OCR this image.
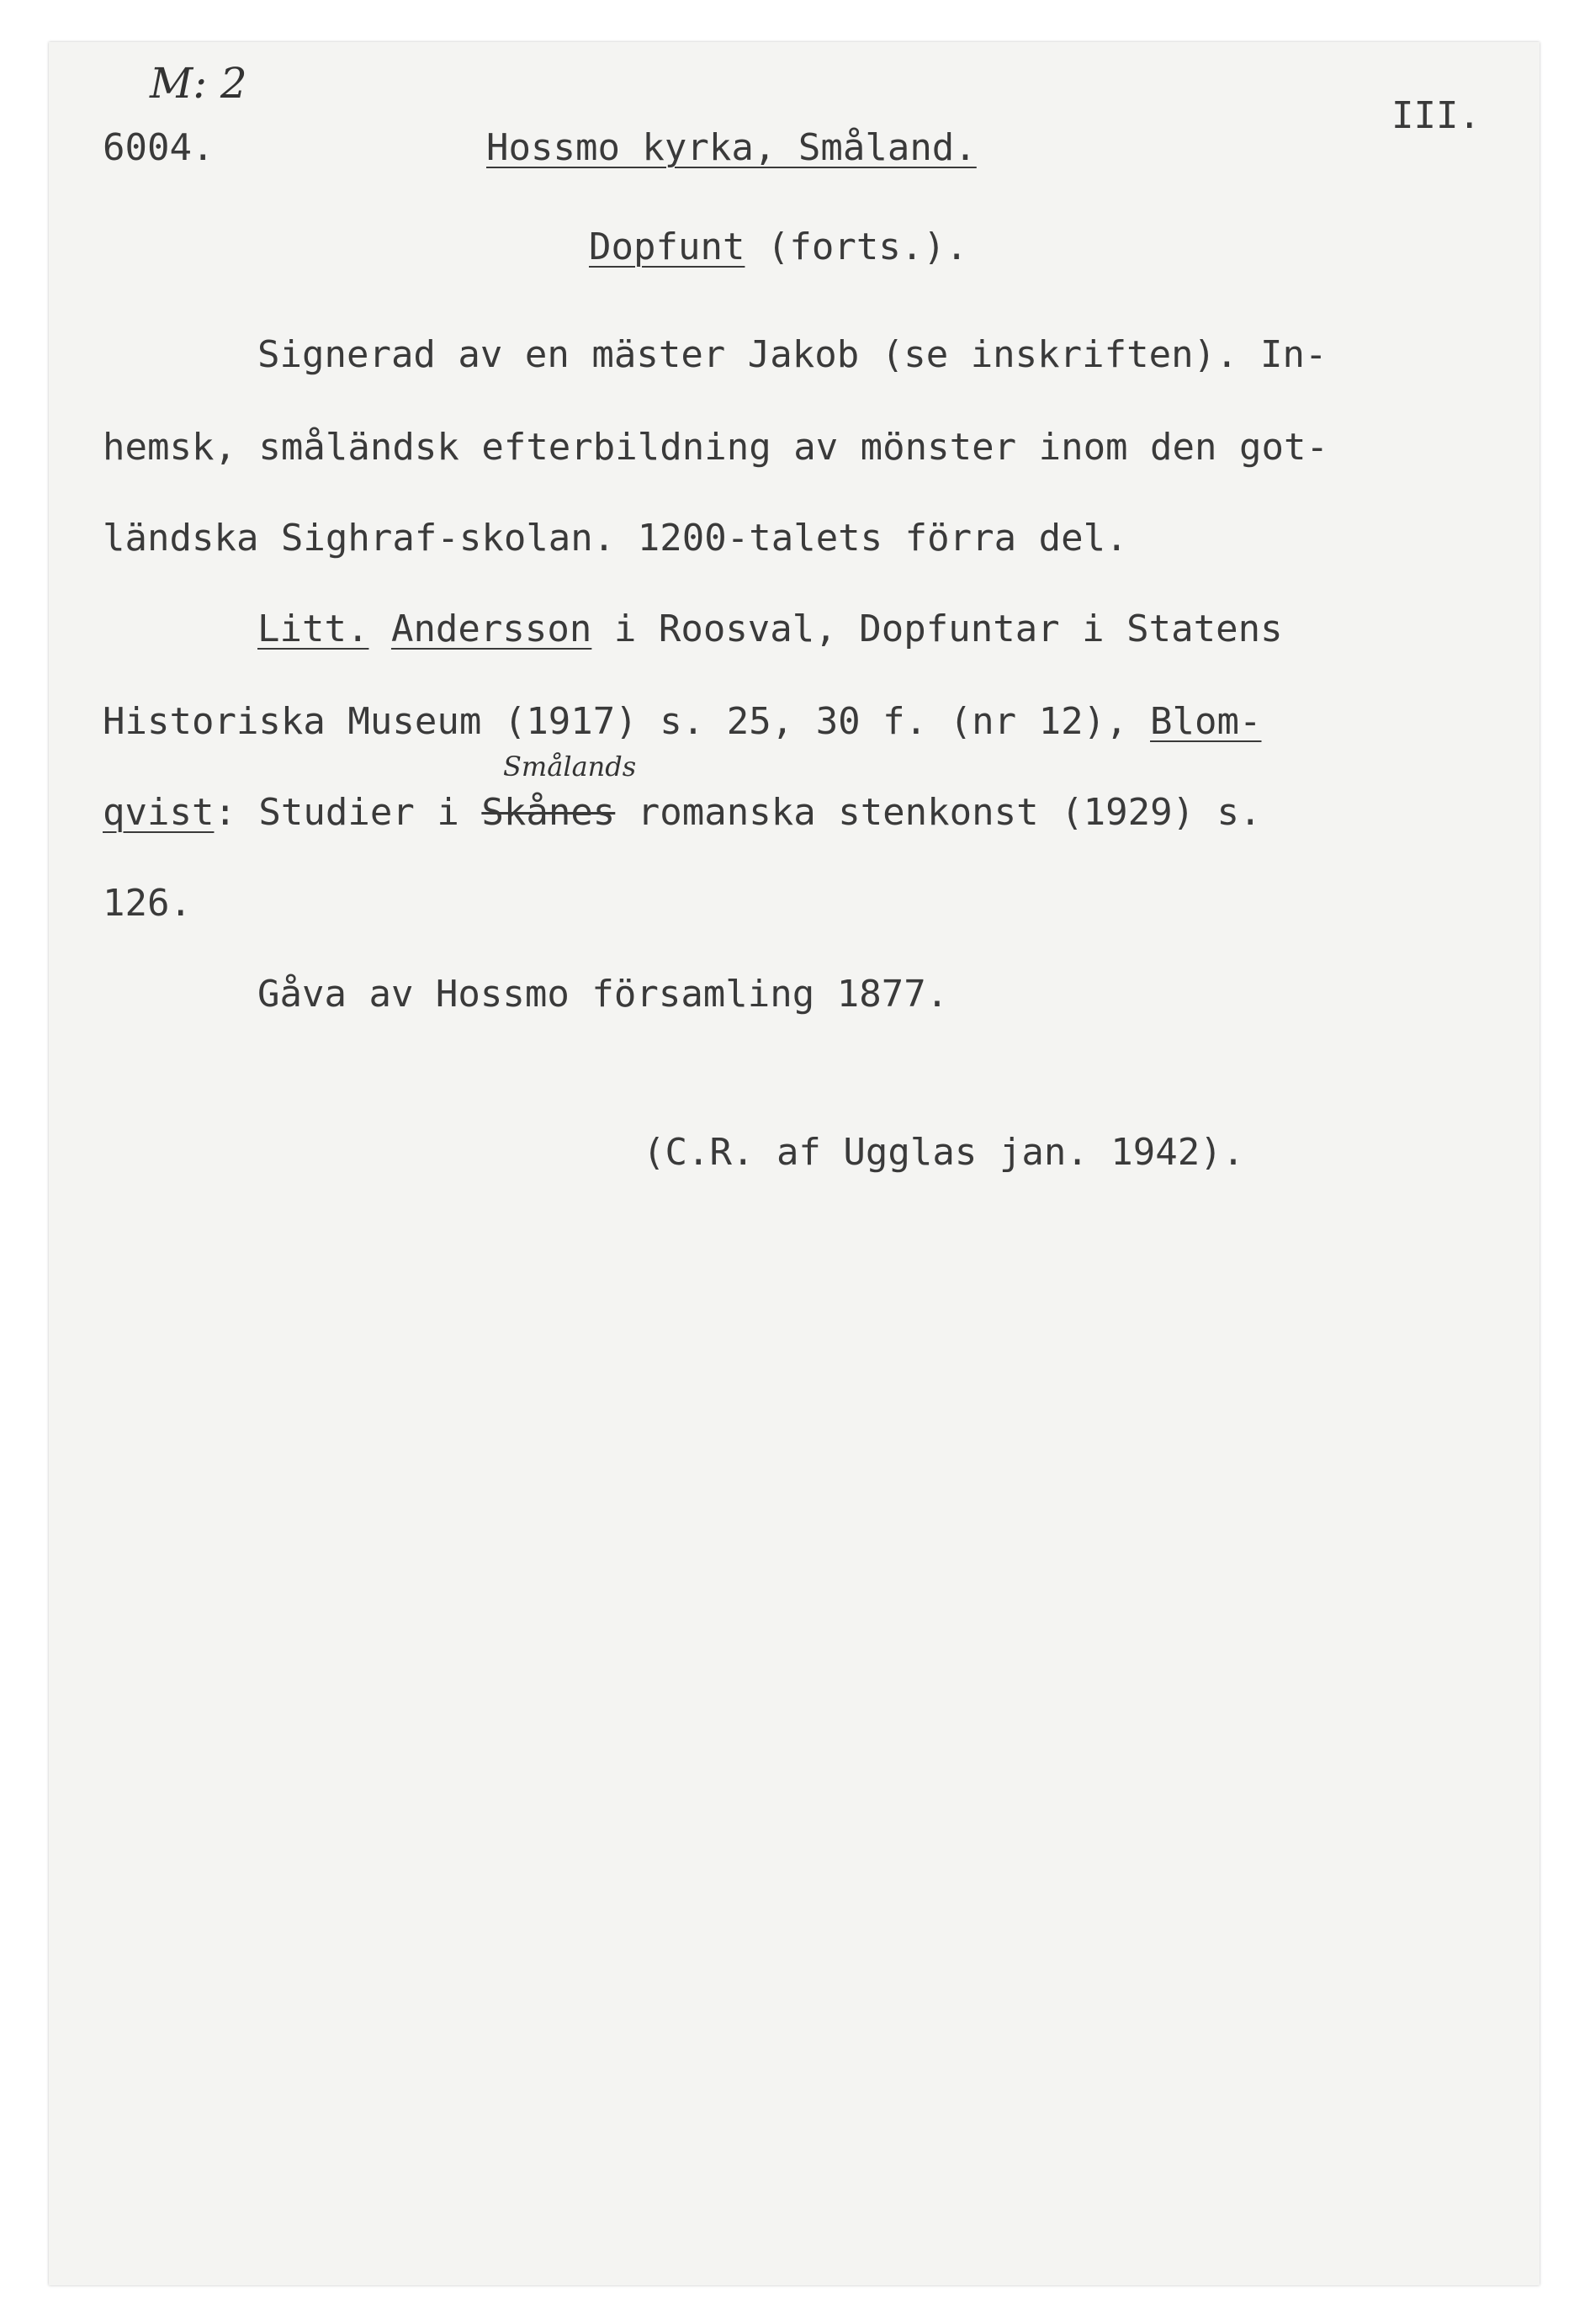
M: 2
6004.	Hossmo kyrka, Småland.
III.
Dopfunt (forts.).
Signerad av en mäster Jakob (se inskriften). In-
hemsk, småländsk efterbildning av mönster inom den got-
ländska Sighraf-skolan. 1200-talets förra del.
Litt. Andersson i Roosval, Dopfuntar i Statens
Historiska Museum (1917) s. 25, 30 f. (nr 12), Blom-
Smålands
qvist: Studier i Skånes romanska stenkonst (1929) s.
126.
Gåva av Hossmo församling 1877.
(C.R. af Ugglas jan. 1942).
